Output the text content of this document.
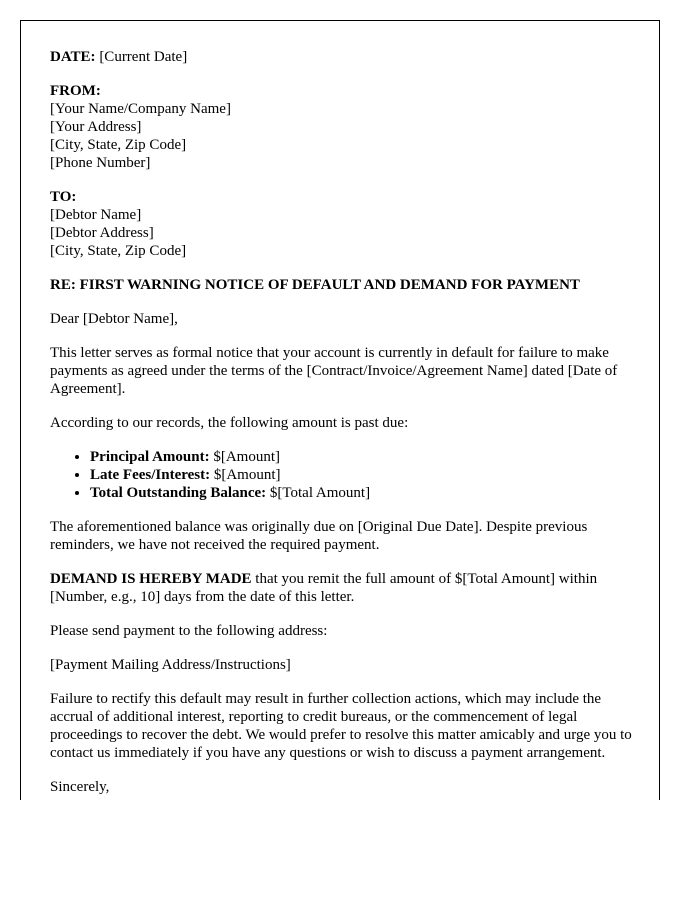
DATE: [Current Date]

FROM:
[Your Name/Company Name]
[Your Address]
[City, State, Zip Code]
[Phone Number]
TO:
[Debtor Name]
[Debtor Address]
[City, State, Zip Code]

RE: FIRST WARNING NOTICE OF DEFAULT AND DEMAND FOR PAYMENT

Dear [Debtor Name],

This letter serves as formal notice that your account is currently in default for failure to make payments as agreed under the terms of the [Contract/Invoice/Agreement Name] dated [Date of Agreement].

According to our records, the following amount is past due:

• Principal Amount: $[Amount]
• Late Fees/Interest: $[Amount]
• Total Outstanding Balance: $[Total Amount]

The aforementioned balance was originally due on [Original Due Date]. Despite previous reminders, we have not received the required payment.

DEMAND IS HEREBY MADE that you remit the full amount of $[Total Amount] within [Number, e.g., 10] days from the date of this letter.

Please send payment to the following address:

[Payment Mailing Address/Instructions]

Failure to rectify this default may result in further collection actions, which may include the accrual of additional interest, reporting to credit bureaus, or the commencement of legal proceedings to recover the debt. We would prefer to resolve this matter amicably and urge you to contact us immediately if you have any questions or wish to discuss a payment arrangement.

Sincerely,
